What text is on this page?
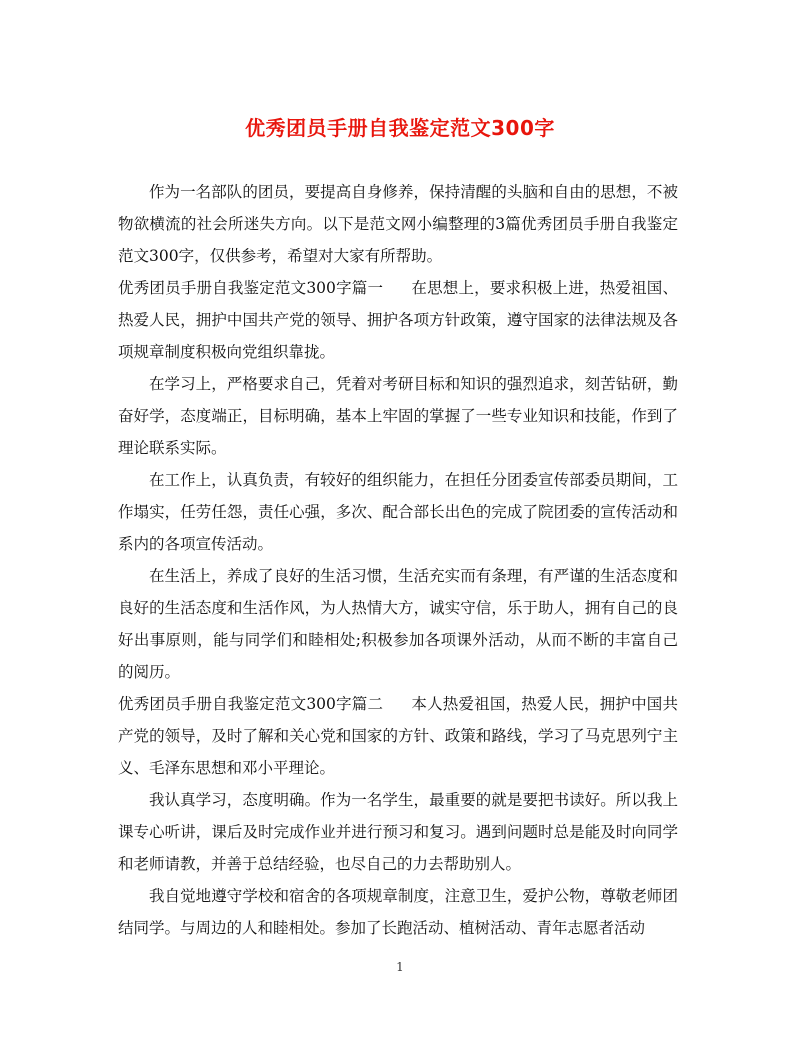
优秀团员手册自我鉴定范文300字

作为一名部队的团员，要提高自身修养，保持清醒的头脑和自由的思想，不被物欲横流的社会所迷失方向。以下是范文网小编整理的3篇优秀团员手册自我鉴定范文300字，仅供参考，希望对大家有所帮助。

优秀团员手册自我鉴定范文300字篇一 在思想上，要求积极上进，热爱祖国、热爱人民，拥护中国共产党的领导、拥护各项方针政策，遵守国家的法律法规及各项规章制度积极向党组织靠拢。

在学习上，严格要求自己，凭着对考研目标和知识的强烈追求，刻苦钻研，勤奋好学，态度端正，目标明确，基本上牢固的掌握了一些专业知识和技能，作到了理论联系实际。

在工作上，认真负责，有较好的组织能力，在担任分团委宣传部委员期间，工作塌实，任劳任怨，责任心强，多次、配合部长出色的完成了院团委的宣传活动和系内的各项宣传活动。

在生活上，养成了良好的生活习惯，生活充实而有条理，有严谨的生活态度和良好的生活态度和生活作风，为人热情大方，诚实守信，乐于助人，拥有自己的良好出事原则，能与同学们和睦相处;积极参加各项课外活动，从而不断的丰富自己的阅历。

优秀团员手册自我鉴定范文300字篇二 本人热爱祖国，热爱人民，拥护中国共产党的领导，及时了解和关心党和国家的方针、政策和路线，学习了马克思列宁主义、毛泽东思想和邓小平理论。

我认真学习，态度明确。作为一名学生，最重要的就是要把书读好。所以我上课专心听讲，课后及时完成作业并进行预习和复习。遇到问题时总是能及时向同学和老师请教，并善于总结经验，也尽自己的力去帮助别人。

我自觉地遵守学校和宿舍的各项规章制度，注意卫生，爱护公物，尊敬老师团结同学。与周边的人和睦相处。参加了长跑活动、植树活动、青年志愿者活动

1
